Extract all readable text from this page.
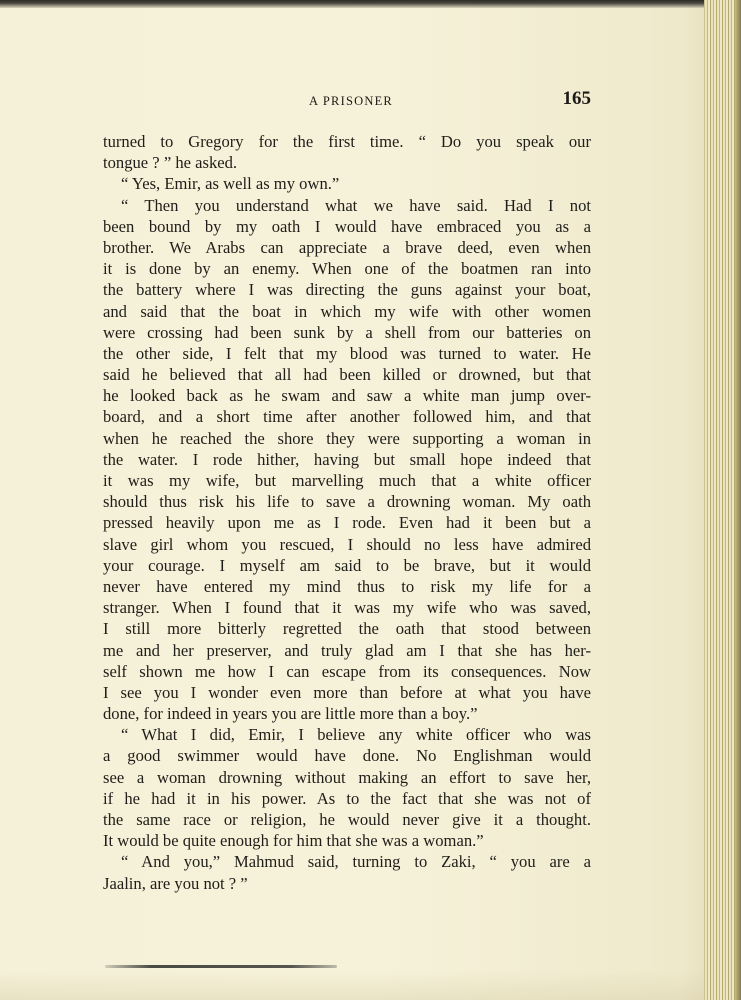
A PRISONER	165
turned to Gregory for the first time. “ Do you speak our
tongue ? ” he asked.
“ Yes, Emir, as well as my own.”
“ Then you understand what we have said. Had I not
been bound by my oath I would have embraced you as a
brother. We Arabs can appreciate a brave deed, even when
it is done by an enemy. When one of the boatmen ran into
the battery where I was directing the guns against your boat,
and said that the boat in which my wife with other women
were crossing had been sunk by a shell from our batteries on
the other side, I felt that my blood was turned to water. He
said he believed that all had been killed or drowned, but that
he looked back as he swam and saw a white man jump over-
board, and a short time after another followed him, and that
when he reached the shore they were supporting a woman in
the water. I rode hither, having but small hope indeed that
it was my wife, but marvelling much that a white officer
should thus risk his life to save a drowning woman. My oath
pressed heavily upon me as I rode. Even had it been but a
slave girl whom you rescued, I should no less have admired
your courage. I myself am said to be brave, but it would
never have entered my mind thus to risk my life for a
stranger. When I found that it was my wife who was saved,
I still more bitterly regretted the oath that stood between
me and her preserver, and truly glad am I that she has her-
self shown me how I can escape from its consequences. Now
I see you I wonder even more than before at what you have
done, for indeed in years you are little more than a boy.”
“ What I did, Emir, I believe any white officer who was
a good swimmer would have done. No Englishman would
see a woman drowning without making an effort to save her,
if he had it in his power. As to the fact that she was not of
the same race or religion, he would never give it a thought.
It would be quite enough for him that she was a woman.”
“ And you,” Mahmud said, turning to Zaki, “ you are a
Jaalin, are you not ? ”
